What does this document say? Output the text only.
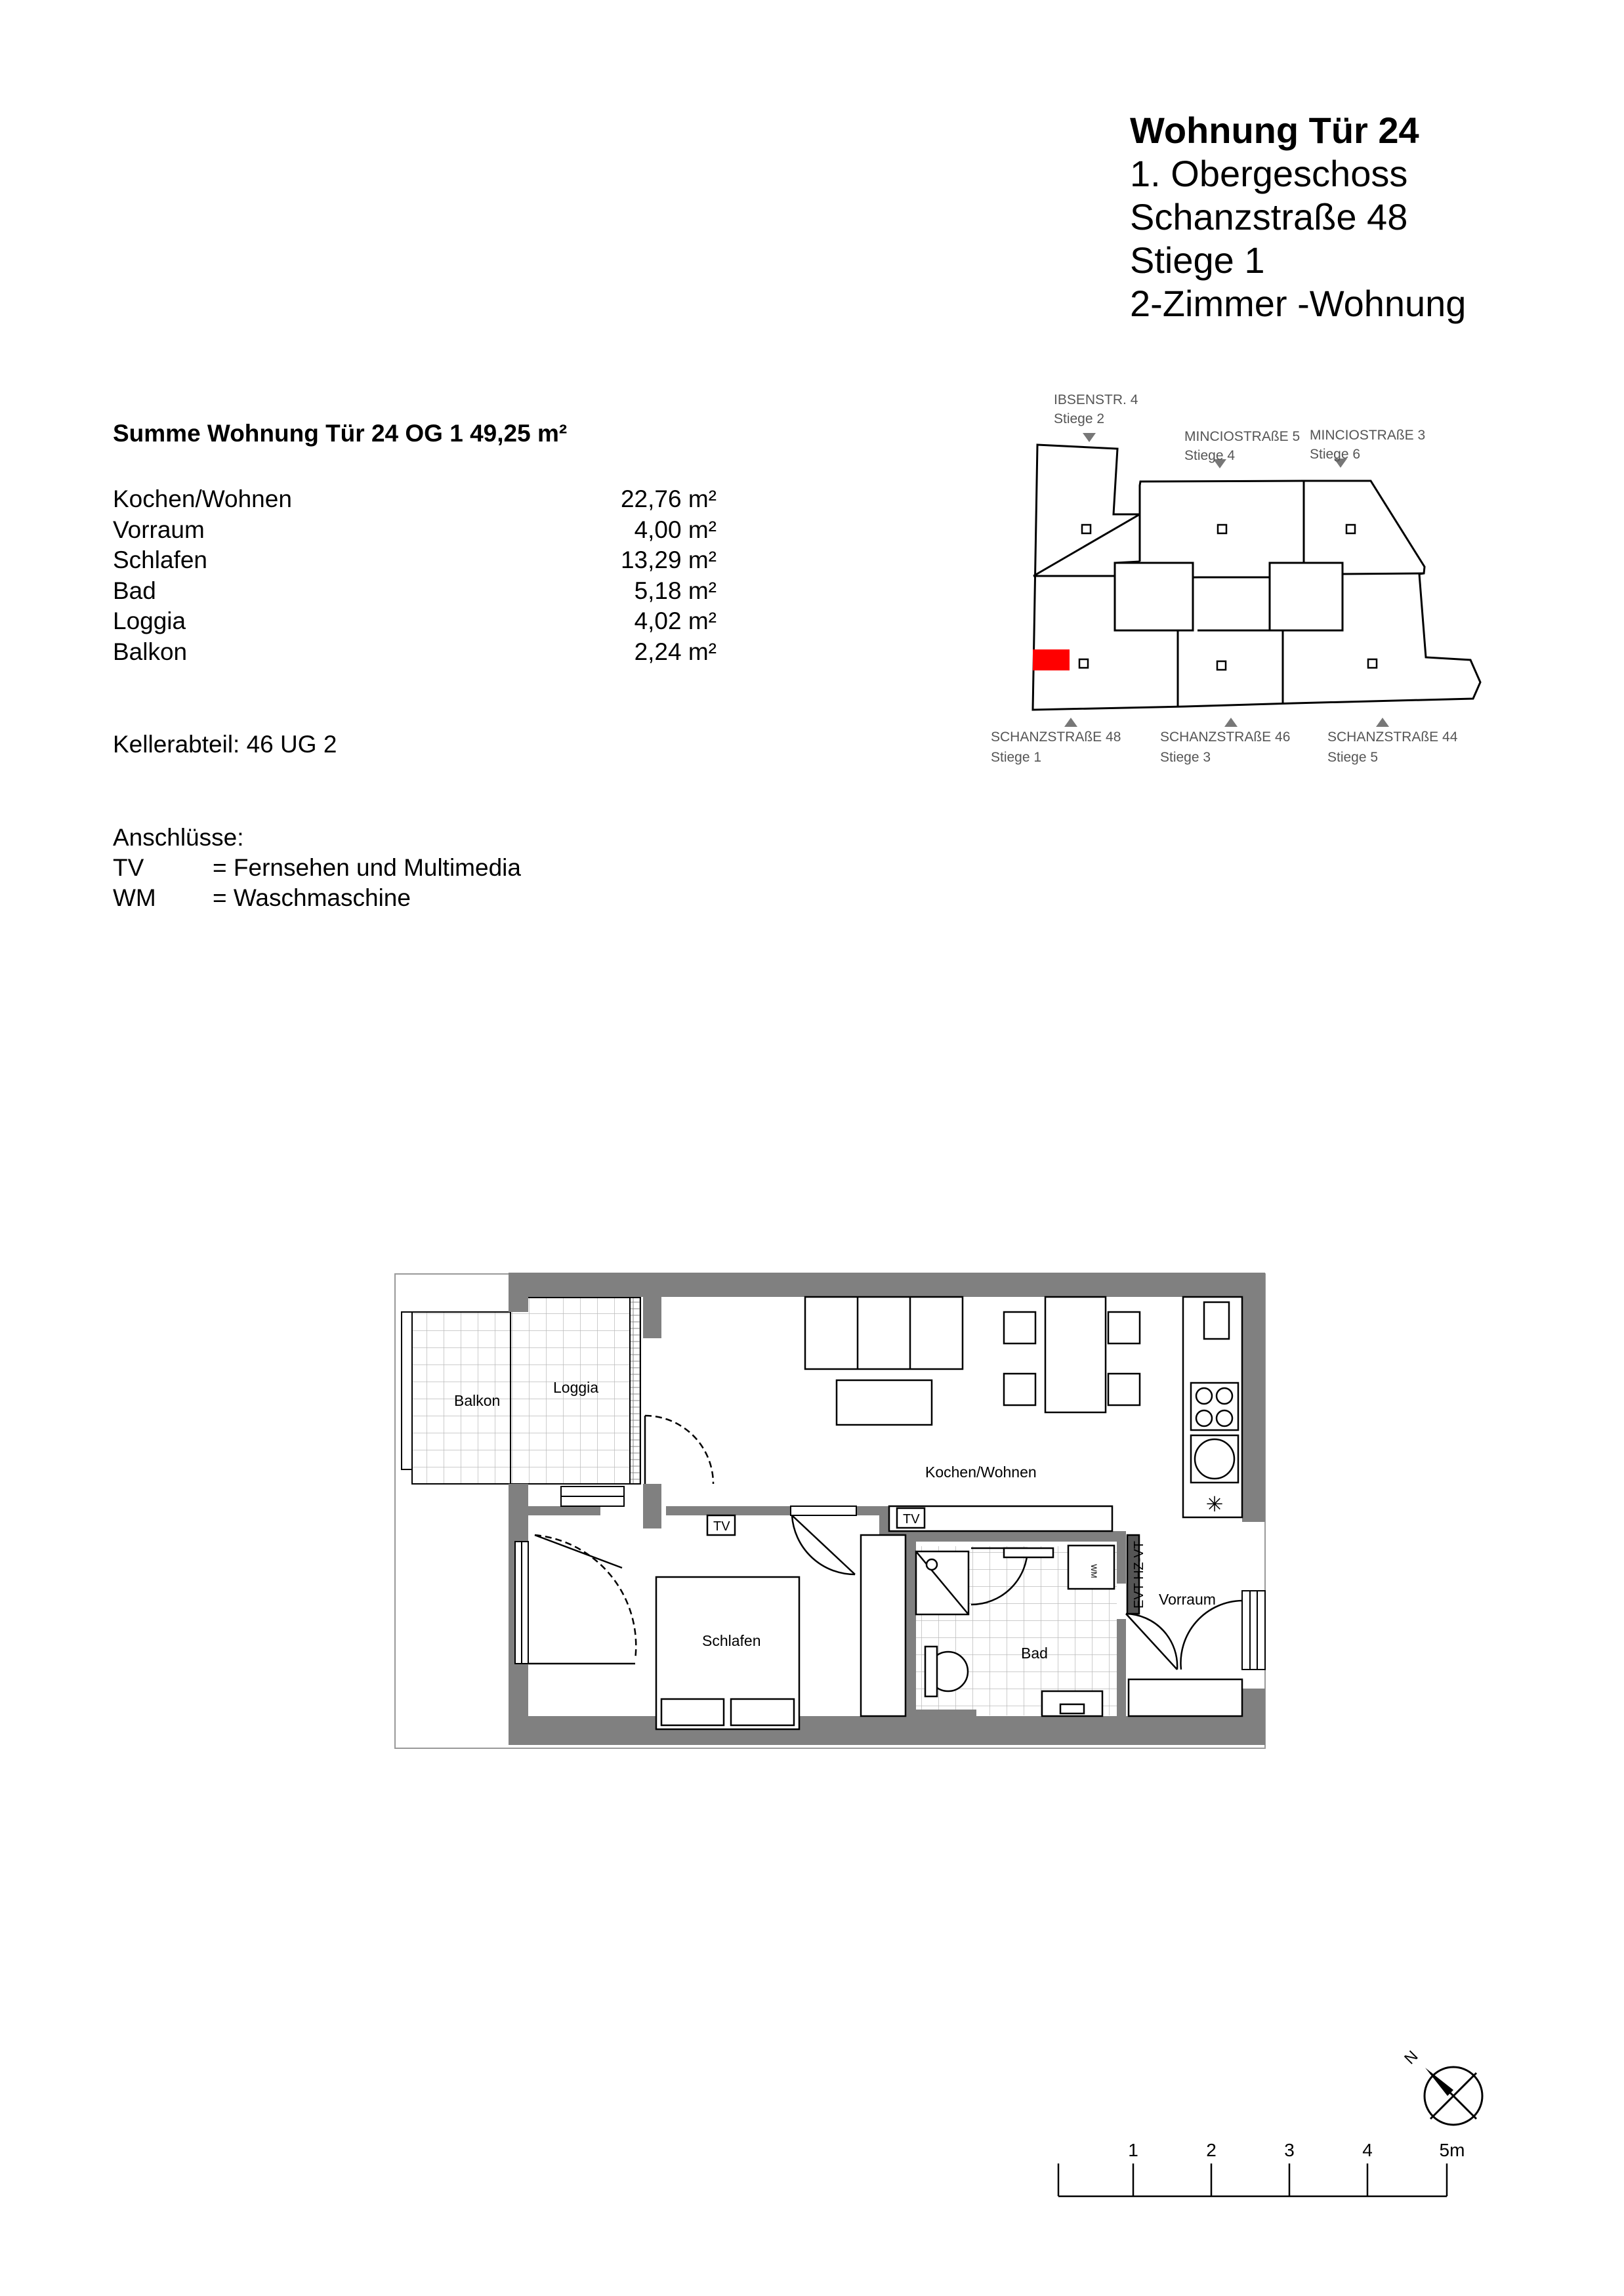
Wohnung Tür 24
1. Obergeschoss
Schanzstraße 48
Stiege 1
2-Zimmer -Wohnung
Summe Wohnung Tür 24 OG 1 49,25 m²
Kochen/Wohnen	22,76 m²
Vorraum	4,00 m²
Schlafen	13,29 m²
Bad	5,18 m²
Loggia	4,02 m²
Balkon	2,24 m²
Kellerabteil: 46 UG 2
Anschlüsse:
TV	= Fernsehen und Multimedia
WM	= Waschmaschine
IBSENSTR. 4
Stiege 2
MINCIOSTRAßE 5
Stiege 4
MINCIOSTRAßE 3
Stiege 6
SCHANZSTRAßE 48
Stiege 1
SCHANZSTRAßE 46
Stiege 3
SCHANZSTRAßE 44
Stiege 5
✳
Balkon
Loggia
Kochen/Wohnen
Schlafen
Bad
Vorraum
TV	TV
WM	EVT HZ-VT
N
1	2	3	4	5m
